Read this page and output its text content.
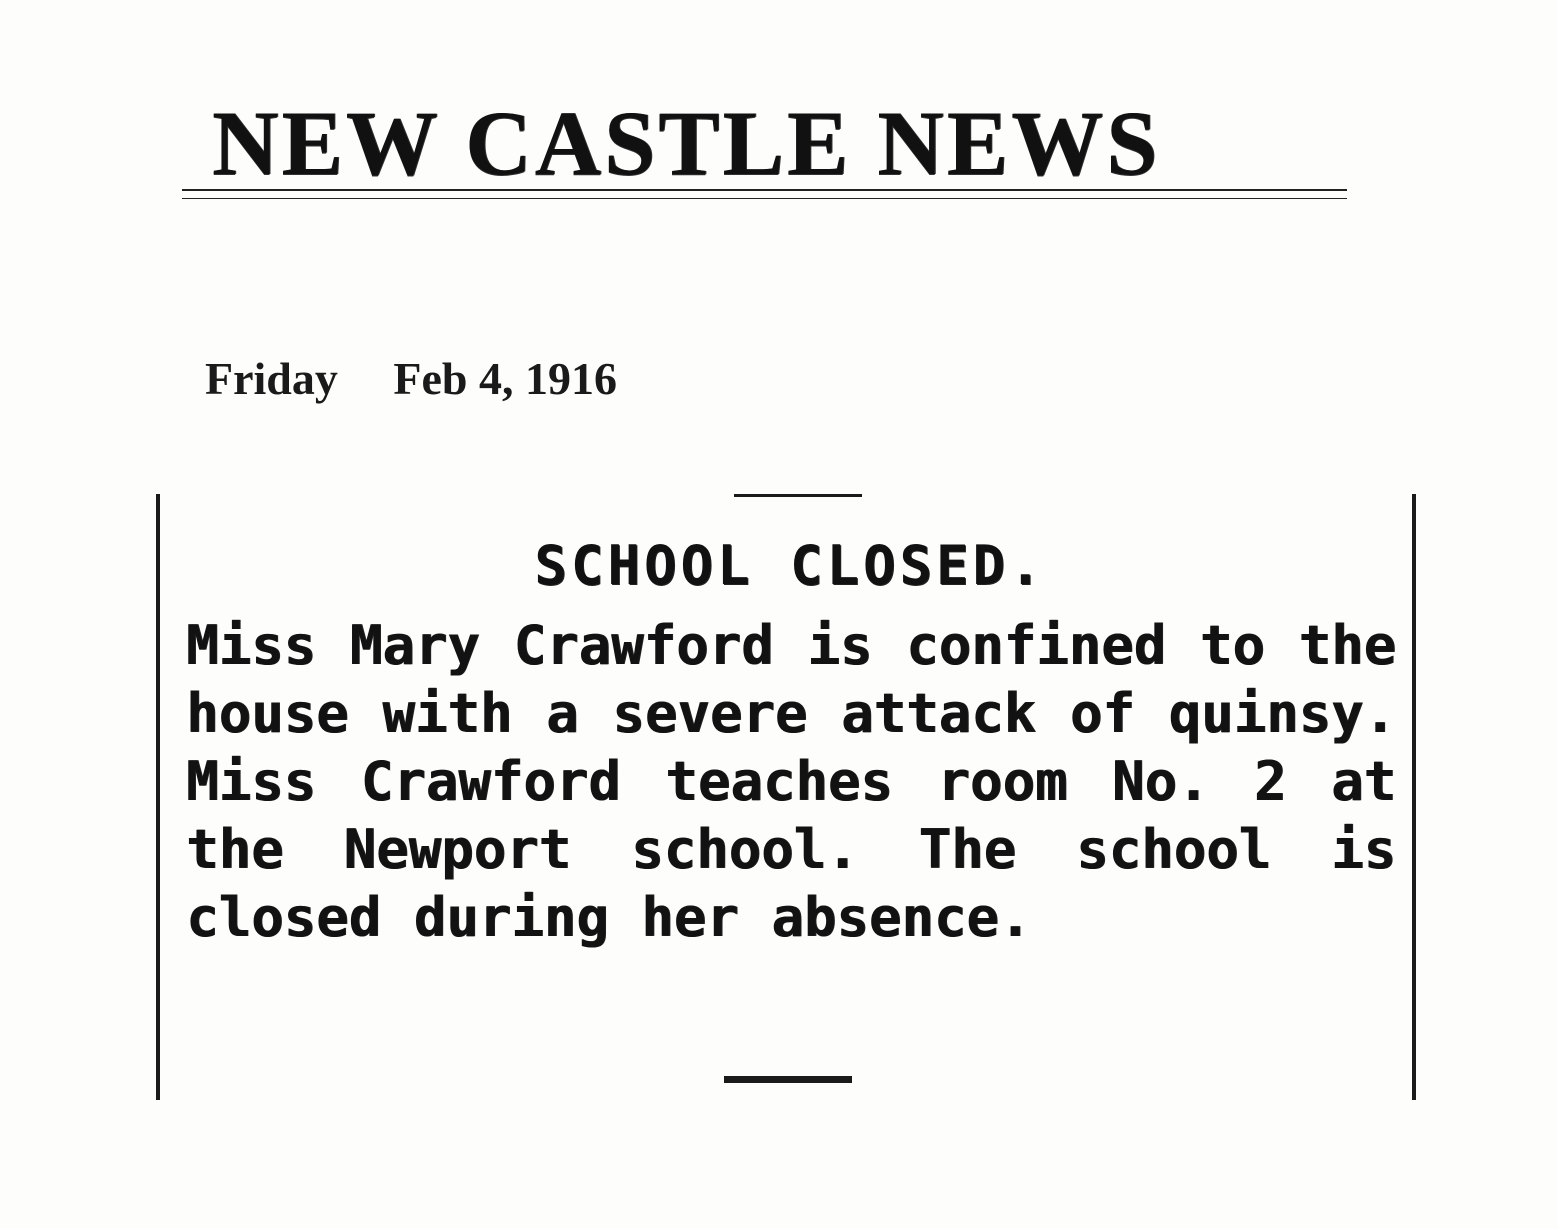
NEW CASTLE NEWS
Friday Feb 4, 1916
SCHOOL CLOSED.

Miss Mary Crawford is confined to the house with a severe attack of quinsy. Miss Crawford teaches room No. 2 at the Newport school. The school is closed during her absence.
